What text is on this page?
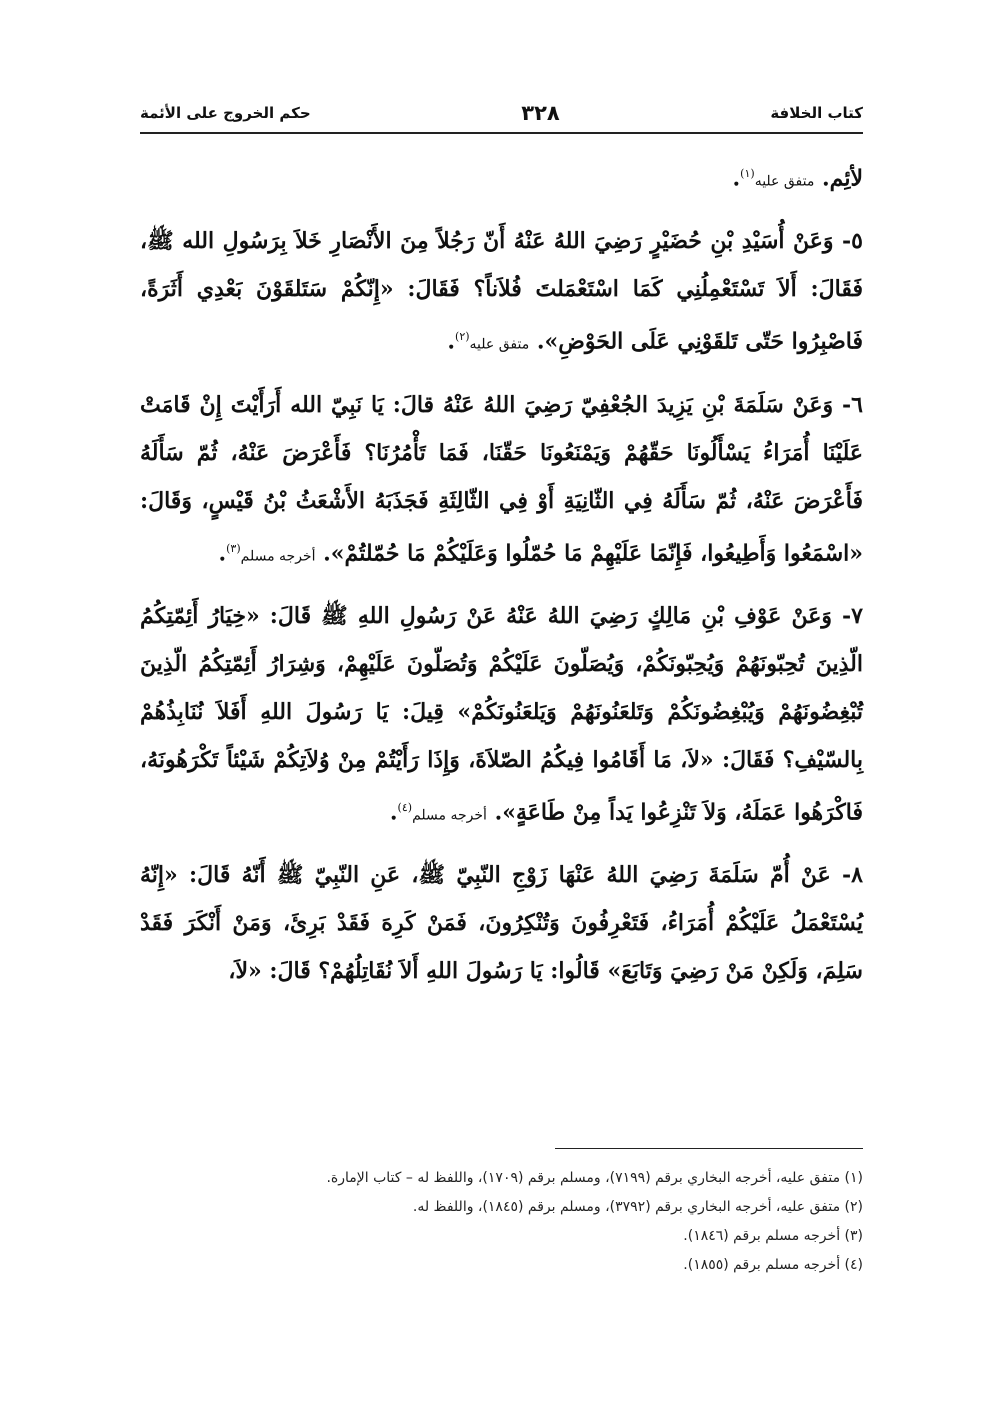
كتاب الخلافة
٣٢٨
حكم الخروج على الأئمة

لأئِم. متفق عليه$^{(١)}$.

٥- وَعَنْ أُسَيْدِ بْنِ حُضَيْرٍ رَضِيَ اللهُ عَنْهُ أَنّ رَجُلاً مِنَ الأَنْصَارِ خَلاَ بِرَسُولِ الله ﷺ، فَقَالَ: أَلاَ تَسْتَعْمِلُنِي كَمَا اسْتَعْمَلتَ فُلاَناً؟ فَقَالَ: «إِنّكُمْ سَتَلقَوْنَ بَعْدِي أَثَرَةً، فَاصْبِرُوا حَتّى تَلقَوْنِي عَلَى الحَوْضِ». متفق عليه$^{(٢)}$.

٦- وَعَنْ سَلَمَةَ بْنِ يَزِيدَ الجُعْفِيّ رَضِيَ اللهُ عَنْهُ قالَ: يَا نَبِيّ الله أَرَأَيْتَ إِنْ قَامَتْ عَلَيْنَا أُمَرَاءُ يَسْأَلُونَا حَقّهُمْ وَيَمْنَعُونَا حَقّنَا، فَمَا تَأْمُرُنَا؟ فَأَعْرَضَ عَنْهُ، ثُمّ سَأَلَهُ فَأَعْرَضَ عَنْهُ، ثُمّ سَأَلَهُ فِي الثّانِيَةِ أَوْ فِي الثّالِثَةِ فَجَذَبَهُ الأَشْعَثُ بْنُ قَيْسٍ، وَقَالَ: «اسْمَعُوا وَأَطِيعُوا، فَإِنّمَا عَلَيْهِمْ مَا حُمّلُوا وَعَلَيْكُمْ مَا حُمّلتُمْ». أخرجه مسلم$^{(٣)}$.

٧- وَعَنْ عَوْفِ بْنِ مَالِكٍ رَضِيَ اللهُ عَنْهُ عَنْ رَسُولِ اللهِ ﷺ قَالَ: «خِيَارُ أَئِمّتِكُمُ الّذِينَ تُحِبّونَهُمْ وَيُحِبّونَكُمْ، وَيُصَلّونَ عَلَيْكُمْ وَتُصَلّونَ عَلَيْهِمْ، وَشِرَارُ أَئِمّتِكُمُ الّذِينَ تُبْغِضُونَهُمْ وَيُبْغِضُونَكُمْ وَتَلعَنُونَهُمْ وَيَلعَنُونَكُمْ» قِيلَ: يَا رَسُولَ اللهِ أَفَلاَ نُنَابِذُهُمْ بِالسّيْفِ؟ فَقَالَ: «لاَ، مَا أَقَامُوا فِيكُمُ الصّلاَةَ، وَإِذَا رَأَيْتُمْ مِنْ وُلاَتِكُمْ شَيْئاً تَكْرَهُونَهُ، فَاكْرَهُوا عَمَلَهُ، وَلاَ تَنْزِعُوا يَداً مِنْ طَاعَةٍ». أخرجه مسلم$^{(٤)}$.

٨- عَنْ أُمّ سَلَمَةَ رَضِيَ اللهُ عَنْهَا زَوْجِ النّبِيّ ﷺ، عَنِ النّبِيّ ﷺ أَنّهُ قَالَ: «إِنّهُ يُسْتَعْمَلُ عَلَيْكُمْ أُمَرَاءُ، فَتَعْرِفُونَ وَتُنْكِرُونَ، فَمَنْ كَرِهَ فَقَدْ بَرِئَ، وَمَنْ أَنْكَرَ فَقَدْ سَلِمَ، وَلَكِنْ مَنْ رَضِيَ وَتَابَعَ» قَالُوا: يَا رَسُولَ اللهِ أَلاَ نُقَاتِلُهُمْ؟ قَالَ: «لاَ،

(١) متفق عليه، أخرجه البخاري برقم (٧١٩٩)، ومسلم برقم (١٧٠٩)، واللفظ له – كتاب الإمارة.
(٢) متفق عليه، أخرجه البخاري برقم (٣٧٩٢)، ومسلم برقم (١٨٤٥)، واللفظ له.
(٣) أخرجه مسلم برقم (١٨٤٦).
(٤) أخرجه مسلم برقم (١٨٥٥).
